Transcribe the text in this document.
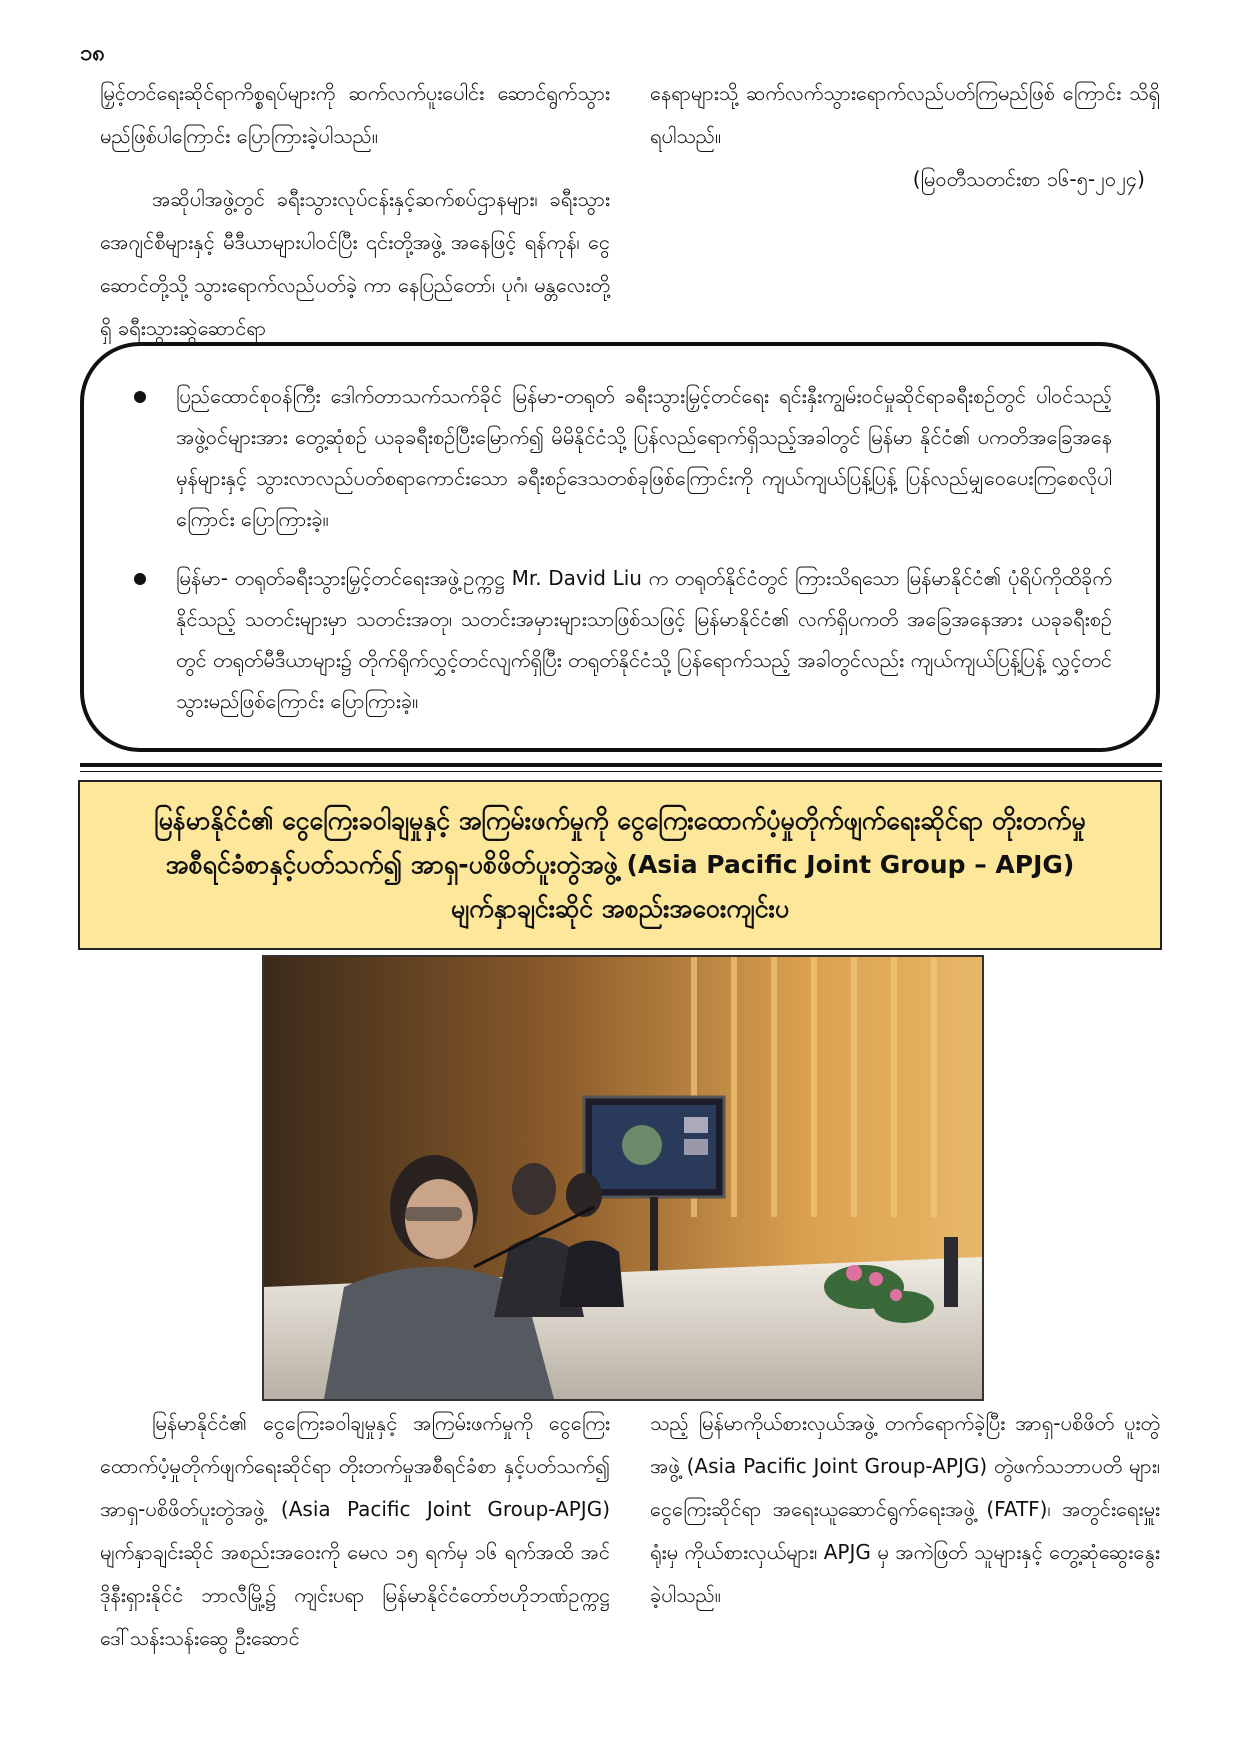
၁၈

မြှင့်တင်ရေးဆိုင်ရာကိစ္စရပ်များကို ဆက်လက်ပူးပေါင်း ဆောင်ရွက်သွားမည်ဖြစ်ပါကြောင်း ပြောကြားခဲ့ပါသည်။

အဆိုပါအဖွဲ့တွင် ခရီးသွားလုပ်ငန်းနှင့်ဆက်စပ်ဌာနများ၊ ခရီးသွားအေဂျင်စီများနှင့် မီဒီယာများပါဝင်ပြီး ၎င်းတို့အဖွဲ့ အနေဖြင့် ရန်ကုန်၊ ငွေဆောင်တို့သို့ သွားရောက်လည်ပတ်ခဲ့ ကာ နေပြည်တော်၊ ပုဂံ၊ မန္တလေးတို့ရှိ ခရီးသွားဆွဲဆောင်ရာ

နေရာများသို့ ဆက်လက်သွားရောက်လည်ပတ်ကြမည်ဖြစ် ကြောင်း သိရှိရပါသည်။

(မြဝတီသတင်းစာ ၁၆-၅-၂၀၂၄)

ပြည်ထောင်စုဝန်ကြီး ဒေါက်တာသက်သက်ခိုင် မြန်မာ-တရုတ် ခရီးသွားမြှင့်တင်ရေး ရင်းနှီးကျွမ်းဝင်မှုဆိုင်ရာခရီးစဉ်တွင် ပါဝင်သည့် အဖွဲ့ဝင်များအား တွေ့ဆုံစဉ် ယခုခရီးစဉ်ပြီးမြောက်၍ မိမိနိုင်ငံသို့ ပြန်လည်ရောက်ရှိသည့်အခါတွင် မြန်မာ နိုင်ငံ၏ ပကတိအခြေအနေမှန်များနှင့် သွားလာလည်ပတ်စရာကောင်းသော ခရီးစဉ်ဒေသတစ်ခုဖြစ်ကြောင်းကို ကျယ်ကျယ်ပြန့်ပြန့် ပြန်လည်မျှဝေပေးကြစေလိုပါကြောင်း ပြောကြားခဲ့။
မြန်မာ- တရုတ်ခရီးသွားမြှင့်တင်ရေးအဖွဲ့ဥက္ကဋ္ဌ Mr. David Liu က တရုတ်နိုင်ငံတွင် ကြားသိရသော မြန်မာနိုင်ငံ၏ ပုံရိပ်ကိုထိခိုက်နိုင်သည့် သတင်းများမှာ သတင်းအတု၊ သတင်းအမှားများသာဖြစ်သဖြင့် မြန်မာနိုင်ငံ၏ လက်ရှိပကတိ အခြေအနေအား ယခုခရီးစဉ်တွင် တရုတ်မီဒီယာများ၌ တိုက်ရိုက်လွှင့်တင်လျက်ရှိပြီး တရုတ်နိုင်ငံသို့ ပြန်ရောက်သည့် အခါတွင်လည်း ကျယ်ကျယ်ပြန့်ပြန့် လွှင့်တင်သွားမည်ဖြစ်ကြောင်း ပြောကြားခဲ့။
မြန်မာနိုင်ငံ၏ ငွေကြေးခဝါချမှုနှင့် အကြမ်းဖက်မှုကို ငွေကြေးထောက်ပံ့မှုတိုက်ဖျက်ရေးဆိုင်ရာ တိုးတက်မှုအစီရင်ခံစာနှင့်ပတ်သက်၍ အာရှ-ပစိဖိတ်ပူးတွဲအဖွဲ့ (Asia Pacific Joint Group – APJG) မျက်နှာချင်းဆိုင် အစည်းအဝေးကျင်းပ

မြန်မာနိုင်ငံ၏ ငွေကြေးခဝါချမှုနှင့် အကြမ်းဖက်မှုကို ငွေကြေးထောက်ပံ့မှုတိုက်ဖျက်ရေးဆိုင်ရာ တိုးတက်မှုအစီရင်ခံစာ နှင့်ပတ်သက်၍ အာရှ-ပစိဖိတ်ပူးတွဲအဖွဲ့ (Asia Pacific Joint Group-APJG) မျက်နှာချင်းဆိုင် အစည်းအဝေးကို မေလ ၁၅ ရက်မှ ၁၆ ရက်အထိ အင်ဒိုနီးရှားနိုင်ငံ ဘာလီမြို့၌ ကျင်းပရာ မြန်မာနိုင်ငံတော်ဗဟိုဘဏ်ဥက္ကဋ္ဌ ဒေါ်သန်းသန်းဆွေ ဦးဆောင်

သည့် မြန်မာကိုယ်စားလှယ်အဖွဲ့ တက်ရောက်ခဲ့ပြီး အာရှ-ပစိဖိတ် ပူးတွဲအဖွဲ့ (Asia Pacific Joint Group-APJG) တွဲဖက်သဘာပတိ များ၊ ငွေကြေးဆိုင်ရာ အရေးယူဆောင်ရွက်ရေးအဖွဲ့ (FATF)၊ အတွင်းရေးမှူးရုံးမှ ကိုယ်စားလှယ်များ၊ APJG မှ အကဲဖြတ် သူများနှင့် တွေ့ဆုံဆွေးနွေးခဲ့ပါသည်။
